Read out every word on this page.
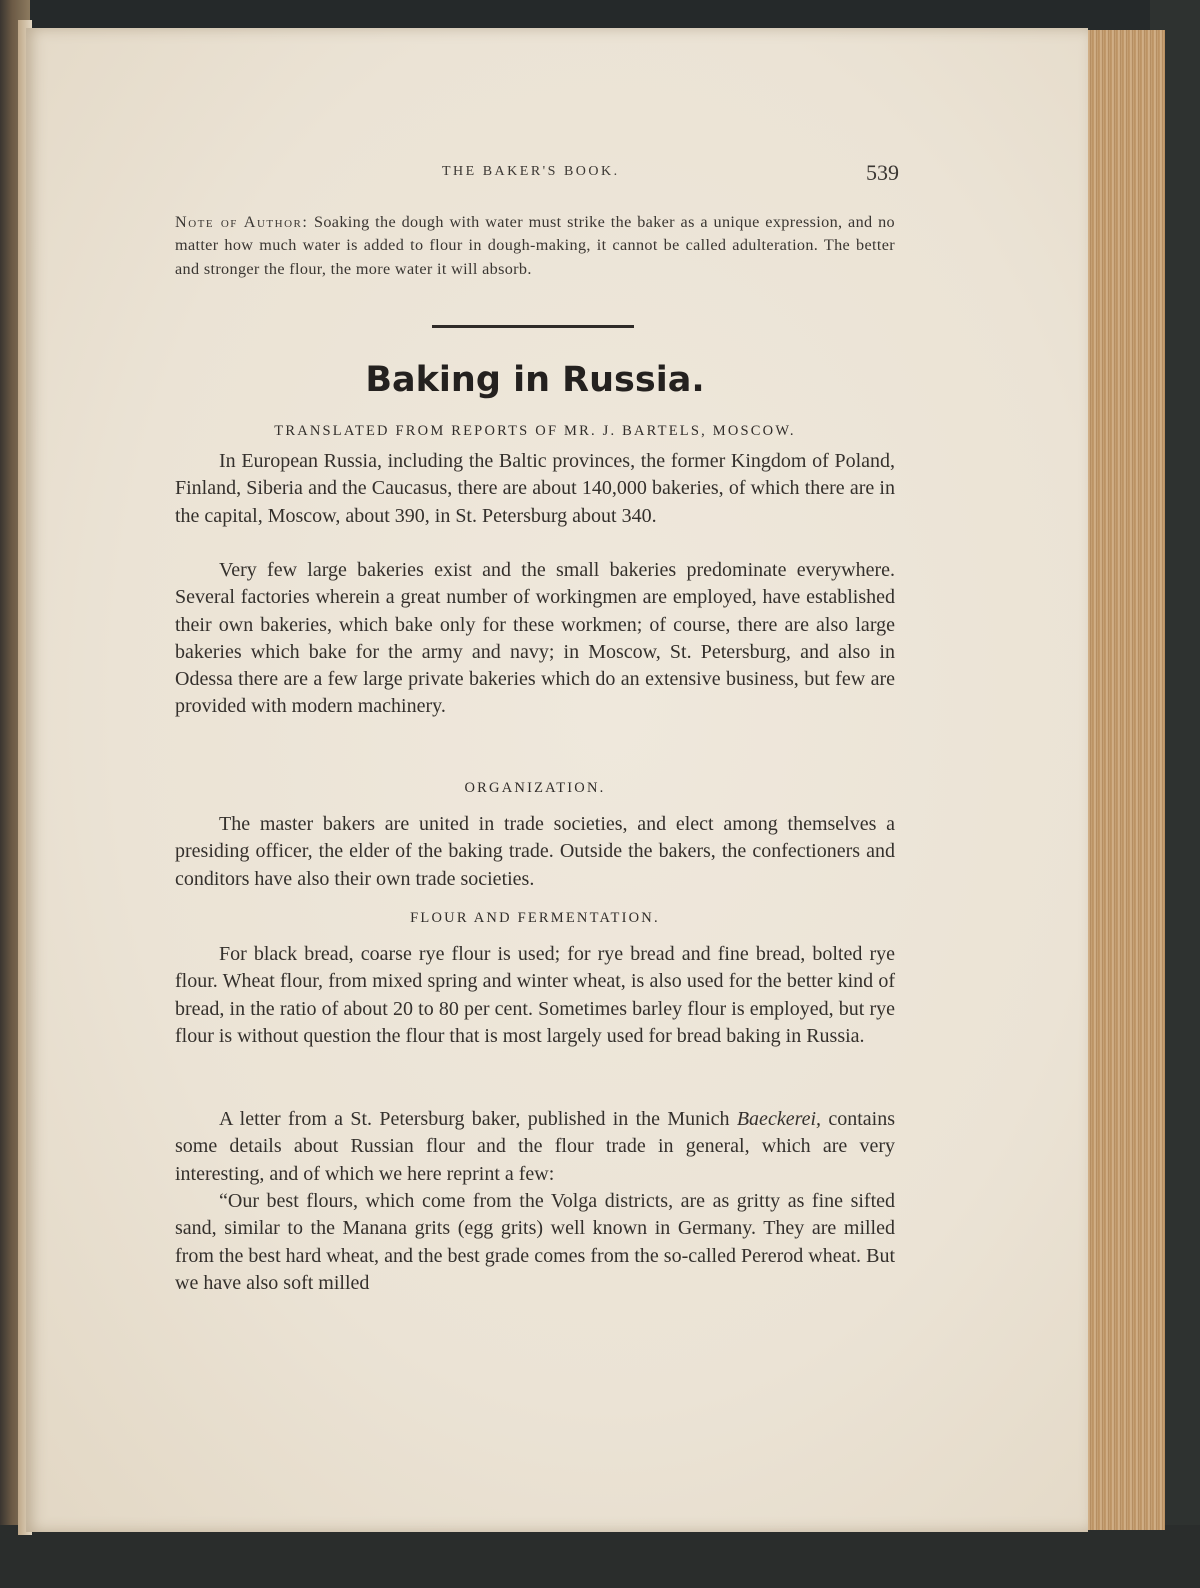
THE BAKER'S BOOK.	539
Note of Author: Soaking the dough with water must strike the baker as a unique expression, and no matter how much water is added to flour in dough-making, it cannot be called adulteration. The better and stronger the flour, the more water it will absorb.
Baking in Russia.
TRANSLATED FROM REPORTS OF MR. J. BARTELS, MOSCOW.

In European Russia, including the Baltic provinces, the former Kingdom of Poland, Finland, Siberia and the Caucasus, there are about 140,000 bakeries, of which there are in the capital, Moscow, about 390, in St. Petersburg about 340.

Very few large bakeries exist and the small bakeries predominate everywhere. Several factories wherein a great number of workingmen are employed, have established their own bakeries, which bake only for these workmen; of course, there are also large bakeries which bake for the army and navy; in Moscow, St. Petersburg, and also in Odessa there are a few large private bakeries which do an extensive business, but few are provided with modern machinery.

ORGANIZATION.

The master bakers are united in trade societies, and elect among themselves a presiding officer, the elder of the baking trade. Outside the bakers, the confectioners and conditors have also their own trade societies.

FLOUR AND FERMENTATION.

For black bread, coarse rye flour is used; for rye bread and fine bread, bolted rye flour. Wheat flour, from mixed spring and winter wheat, is also used for the better kind of bread, in the ratio of about 20 to 80 per cent. Sometimes barley flour is employed, but rye flour is without question the flour that is most largely used for bread baking in Russia.

A letter from a St. Petersburg baker, published in the Munich Baeckerei, contains some details about Russian flour and the flour trade in general, which are very interesting, and of which we here reprint a few:

“Our best flours, which come from the Volga districts, are as gritty as fine sifted sand, similar to the Manana grits (egg grits) well known in Germany. They are milled from the best hard wheat, and the best grade comes from the so-called Pererod wheat. But we have also soft milled
